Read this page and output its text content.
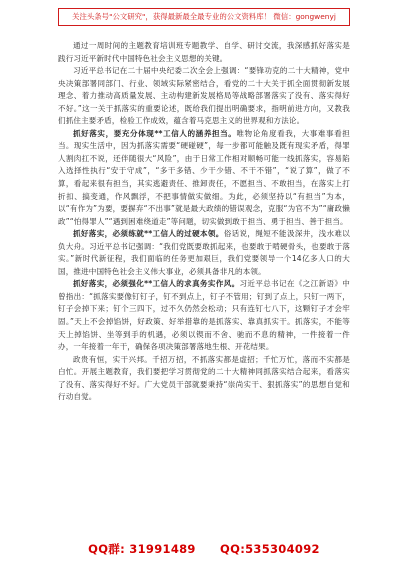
关注头条号"公文研究"，获得最新最全最专业的公文资料库！ 微信：gongwenyj

通过一周时间的主题教育培训班专题教学、自学、研讨交流，我深感抓好落实是践行习近平新时代中国特色社会主义思想的关键。

习近平总书记在二十届中央纪委二次全会上强调：“要锋功克的二十大精神，党中央决策部署同部门、行业、领域实际紧密结合，看党的二十大关于抓全面贯彻新发展理念、着力推动高质量发展、主动构建新发展格局等战略部署落实了没有、落实得好不好。”这一关于抓落实的重要论述，既给我们提出明确要求，指明前进方向，又教我们抓住主要矛盾，检验工作成效，蕴含着马克思主义的世界观和方法论。

抓好落实，要充分体现**工信人的涵养担当。唯物论角度看我，大事难事看担当。现实生活中，因为抓落实需要“硬碰硬”，每一步都可能触及既有现实矛盾，得罪人割肉扛不说，还伴随很大“风险”，由于日常工作相对顺畅可能一线抓落实，容易陷入选择性执行“安于守成”，“多干多错、少干少错、不干不错”，“说了算”，做了不算，看起来很有担当，其实逃避责任、推卸责任，不愿担当、不敢担当，在落实上打折扣、搞变通，作风飘浮，不把事情做实做细。为此，必须坚持以“有担当”为本，以“有作为”为要，要摒弃“不出事”就是最大政绩的错误观念，克服“为官不为”“庸政懒政”“怕得罪人”“遇到困难绕道走”等问题，切实做到敢于担当、勇于担当、善于担当。

抓好落实，必须练就**工信人的过硬本领。俗话说，绳短不能汲深井，浅水难以负大舟。习近平总书记强调：“我们党既要敢抓起来，也要敢于啃硬骨头，也要敢于落实。”新时代新征程，我们面临的任务更加艰巨，我们党要领导一个14亿多人口的大国，推进中国特色社会主义伟大事业，必须具备非凡的本领。

抓好落实，必须强化**工信人的求真务实作风。习近平总书记在《之江新语》中曾指出：“抓落实要像钉钉子，钉不到点上，钉子不管用；钉到了点上，只钉一两下，钉子会掉下来；钉个三四下，过不久仍然会松动；只有连钉七八下，这颗钉子才会牢固。”天上不会掉馅饼，好政策、好举措靠的是抓落实、靠真抓实干。抓落实，不能等天上掉馅饼、坐等到手的机遇，必须以锲而不舍、驰而不息的精神，一件接着一件办，一年接着一年干，确保各项决策部署落地生根、开花结果。

政贵有恒，实干兴邦。千招万招，不抓落实都是虚招；千忙万忙，落而不实都是白忙。开展主题教育，我们要把学习贯彻党的二十大精神同抓落实结合起来，看落实了没有、落实得好不好。广大党员干部就要秉持“崇尚实干、狠抓落实”的思想自觉和行动自觉。

QQ群: 31991489 QQ:535304092
